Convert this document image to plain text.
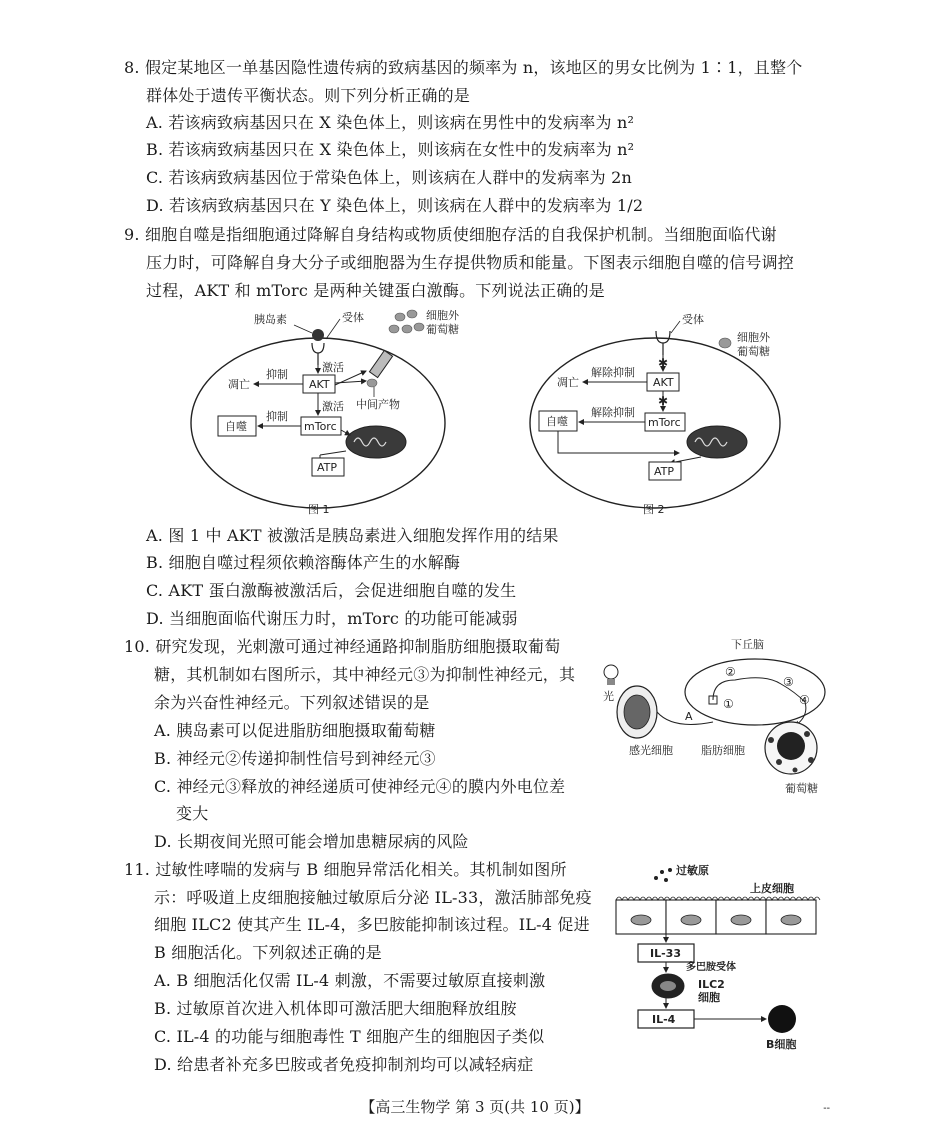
8. 假定某地区一单基因隐性遗传病的致病基因的频率为 n，该地区的男女比例为 1∶1，且整个
群体处于遗传平衡状态。则下列分析正确的是
A. 若该病致病基因只在 X 染色体上，则该病在男性中的发病率为 n²
B. 若该病致病基因只在 X 染色体上，则该病在女性中的发病率为 n²
C. 若该病致病基因位于常染色体上，则该病在人群中的发病率为 2n
D. 若该病致病基因只在 Y 染色体上，则该病在人群中的发病率为 1/2
9. 细胞自噬是指细胞通过降解自身结构或物质使细胞存活的自我保护机制。当细胞面临代谢
压力时，可降解自身大分子或细胞器为生存提供物质和能量。下图表示细胞自噬的信号调控
过程，AKT 和 mTorc 是两种关键蛋白激酶。下列说法正确的是
胰岛素	受体	细胞外
葡萄糖
激活
AKT
抑制
凋亡
激活 中间产物
mTorc
抑制
自噬
ATP
图 1
受体
细胞外
葡萄糖
✱
AKT
解除抑制
凋亡
✱
mTorc
解除抑制
自噬
ATP
图 2
A. 图 1 中 AKT 被激活是胰岛素进入细胞发挥作用的结果
B. 细胞自噬过程须依赖溶酶体产生的水解酶
C. AKT 蛋白激酶被激活后，会促进细胞自噬的发生
D. 当细胞面临代谢压力时，mTorc 的功能可能减弱
10. 研究发现，光刺激可通过神经通路抑制脂肪细胞摄取葡萄
糖，其机制如右图所示，其中神经元③为抑制性神经元，其
余为兴奋性神经元。下列叙述错误的是
A. 胰岛素可以促进脂肪细胞摄取葡萄糖
B. 神经元②传递抑制性信号到神经元③
C. 神经元③释放的神经递质可使神经元④的膜内外电位差
变大
D. 长期夜间光照可能会增加患糖尿病的风险
下丘脑
光
A
①
②
③
④
感光细胞	脂肪细胞
葡萄糖
11. 过敏性哮喘的发病与 B 细胞异常活化相关。其机制如图所
示：呼吸道上皮细胞接触过敏原后分泌 IL-33，激活肺部免疫
细胞 ILC2 使其产生 IL-4，多巴胺能抑制该过程。IL-4 促进
B 细胞活化。下列叙述正确的是
A. B 细胞活化仅需 IL-4 刺激，不需要过敏原直接刺激
B. 过敏原首次进入机体即可激活肥大细胞释放组胺
C. IL-4 的功能与细胞毒性 T 细胞产生的细胞因子类似
D. 给患者补充多巴胺或者免疫抑制剂均可以减轻病症
过敏原
上皮细胞
IL-33
多巴胺受体
ILC2
细胞
IL-4
B细胞
【高三生物学 第 3 页(共 10 页)】	--
